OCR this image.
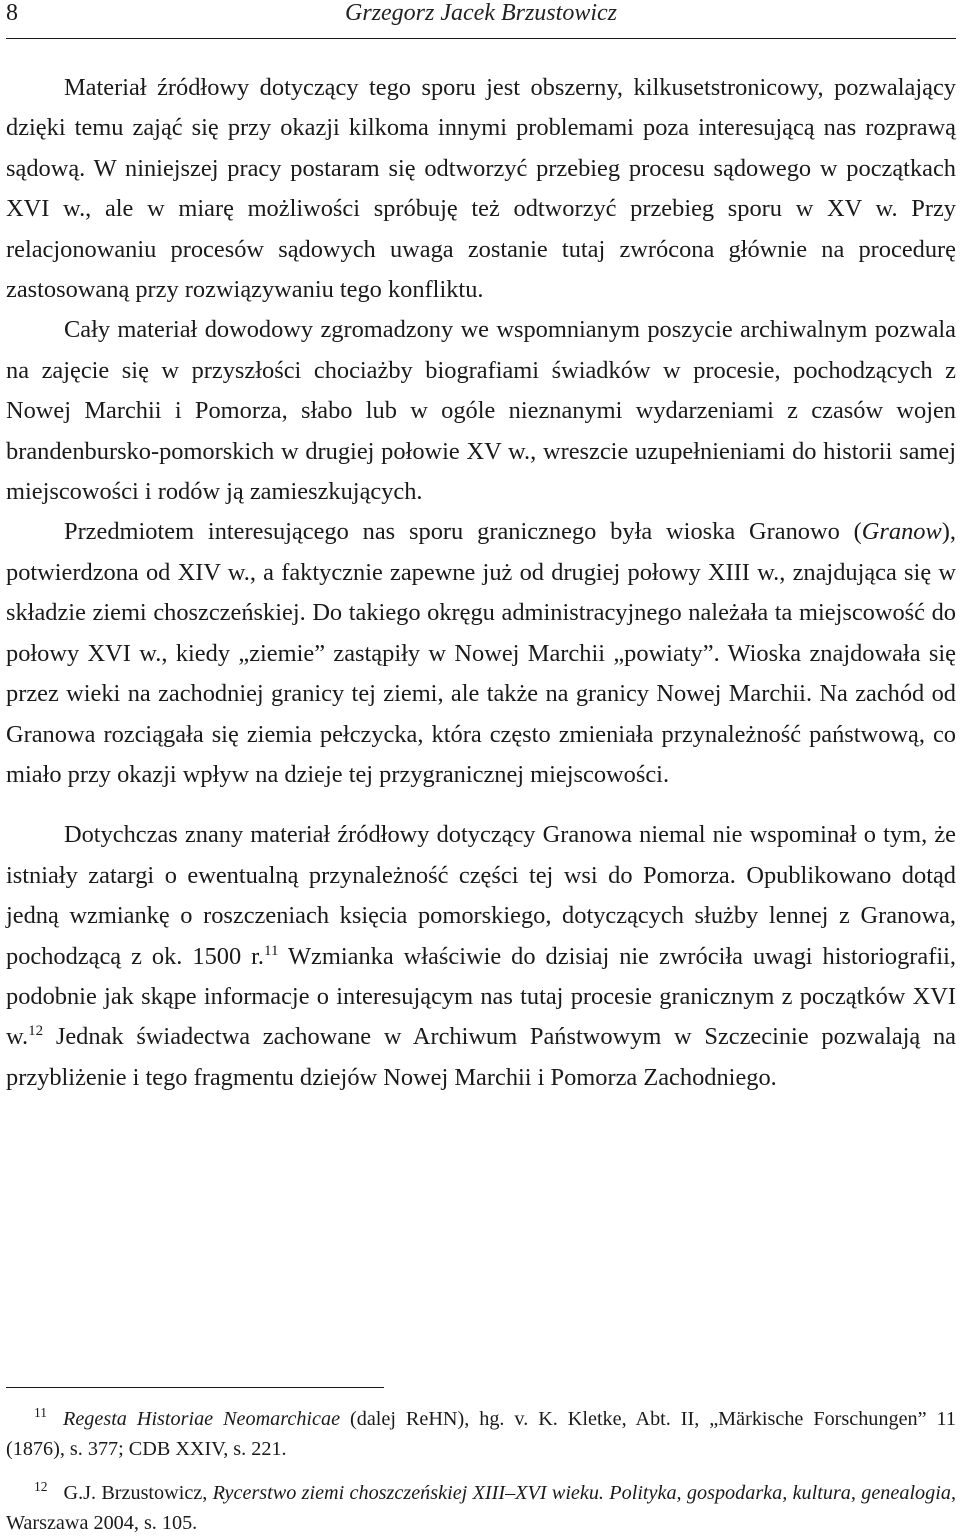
8	Grzegorz Jacek Brzustowicz

Materiał źródłowy dotyczący tego sporu jest obszerny, kilkusetstronicowy, pozwalający dzięki temu zająć się przy okazji kilkoma innymi problemami poza interesującą nas rozprawą sądową. W niniejszej pracy postaram się odtworzyć przebieg procesu sądowego w początkach XVI w., ale w miarę możliwości spróbuję też odtworzyć przebieg sporu w XV w. Przy relacjonowaniu procesów sądowych uwaga zostanie tutaj zwrócona głównie na procedurę zastosowaną przy rozwiązywaniu tego konfliktu.

Cały materiał dowodowy zgromadzony we wspomnianym poszycie archiwalnym pozwala na zajęcie się w przyszłości chociażby biografiami świadków w procesie, pochodzących z Nowej Marchii i Pomorza, słabo lub w ogóle nieznanymi wydarzeniami z czasów wojen brandenbursko-pomorskich w drugiej połowie XV w., wreszcie uzupełnieniami do historii samej miejscowości i rodów ją zamieszkujących.

Przedmiotem interesującego nas sporu granicznego była wioska Granowo (Granow), potwierdzona od XIV w., a faktycznie zapewne już od drugiej połowy XIII w., znajdująca się w składzie ziemi choszczeńskiej. Do takiego okręgu administracyjnego należała ta miejscowość do połowy XVI w., kiedy „ziemie” zastąpiły w Nowej Marchii „powiaty”. Wioska znajdowała się przez wieki na zachodniej granicy tej ziemi, ale także na granicy Nowej Marchii. Na zachód od Granowa rozciągała się ziemia pełczycka, która często zmieniała przynależność państwową, co miało przy okazji wpływ na dzieje tej przygranicznej miejscowości.

Dotychczas znany materiał źródłowy dotyczący Granowa niemal nie wspominał o tym, że istniały zatargi o ewentualną przynależność części tej wsi do Pomorza. Opublikowano dotąd jedną wzmiankę o roszczeniach księcia pomorskiego, dotyczących służby lennej z Granowa, pochodzącą z ok. 1500 r.$^{11}$ Wzmianka właściwie do dzisiaj nie zwróciła uwagi historiografii, podobnie jak skąpe informacje o interesującym nas tutaj procesie granicznym z początków XVI w.$^{12}$ Jednak świadectwa zachowane w Archiwum Państwowym w Szczecinie pozwalają na przybliżenie i tego fragmentu dziejów Nowej Marchii i Pomorza Zachodniego.

$^{11}$ Regesta Historiae Neomarchicae (dalej ReHN), hg. v. K. Kletke, Abt. II, „Märkische Forschungen” 11 (1876), s. 377; CDB XXIV, s. 221.

$^{12}$ G.J. Brzustowicz, Rycerstwo ziemi choszczeńskiej XIII–XVI wieku. Polityka, gospodarka, kultura, genealogia, Warszawa 2004, s. 105.
